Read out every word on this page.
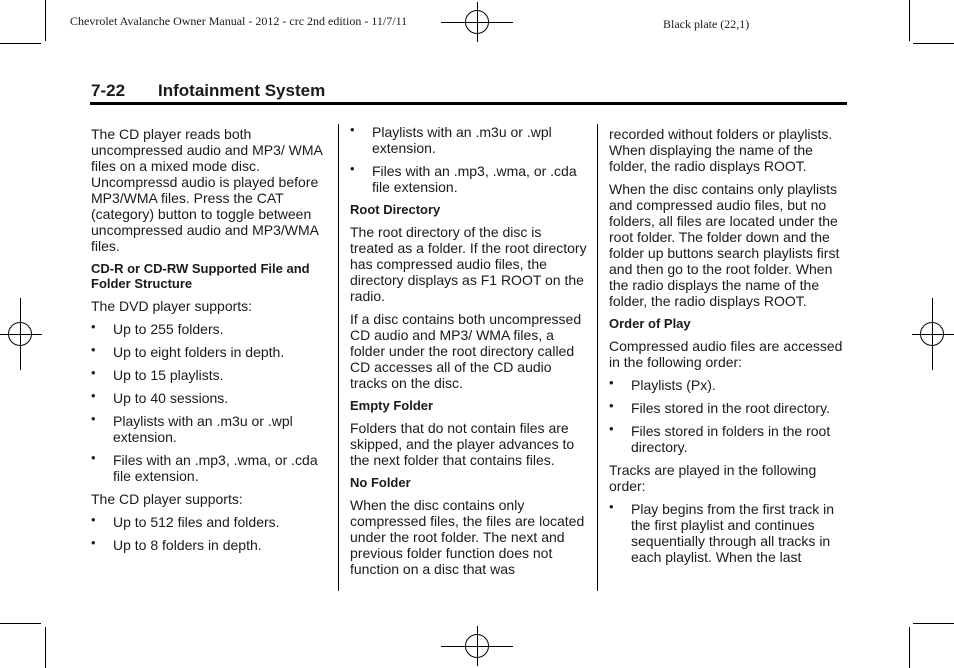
Chevrolet Avalanche Owner Manual - 2012 - crc 2nd edition - 11/7/11	Black plate (22,1)
7-22 Infotainment System

The CD player reads both uncompressed audio and MP3/ WMA files on a mixed mode disc. Uncompressd audio is played before MP3/WMA files. Press the CAT (category) button to toggle between uncompressed audio and MP3/WMA files.

CD-R or CD-RW Supported File and Folder Structure

The DVD player supports:

• Up to 255 folders.
• Up to eight folders in depth.
• Up to 15 playlists.
• Up to 40 sessions.
• Playlists with an .m3u or .wpl extension.
• Files with an .mp3, .wma, or .cda file extension.

The CD player supports:

• Up to 512 files and folders.
• Up to 8 folders in depth.
• Playlists with an .m3u or .wpl extension.
• Files with an .mp3, .wma, or .cda file extension.
Root Directory

The root directory of the disc is treated as a folder. If the root directory has compressed audio files, the directory displays as F1 ROOT on the radio.

If a disc contains both uncompressed CD audio and MP3/ WMA files, a folder under the root directory called CD accesses all of the CD audio tracks on the disc.

Empty Folder

Folders that do not contain files are skipped, and the player advances to the next folder that contains files.

No Folder

When the disc contains only compressed files, the files are located under the root folder. The next and previous folder function does not function on a disc that was

recorded without folders or playlists. When displaying the name of the folder, the radio displays ROOT.

When the disc contains only playlists and compressed audio files, but no folders, all files are located under the root folder. The folder down and the folder up buttons search playlists first and then go to the root folder. When the radio displays the name of the folder, the radio displays ROOT.

Order of Play

Compressed audio files are accessed in the following order:

• Playlists (Px).
• Files stored in the root directory.
• Files stored in folders in the root directory.

Tracks are played in the following order:

• Play begins from the first track in the first playlist and continues sequentially through all tracks in each playlist. When the last
